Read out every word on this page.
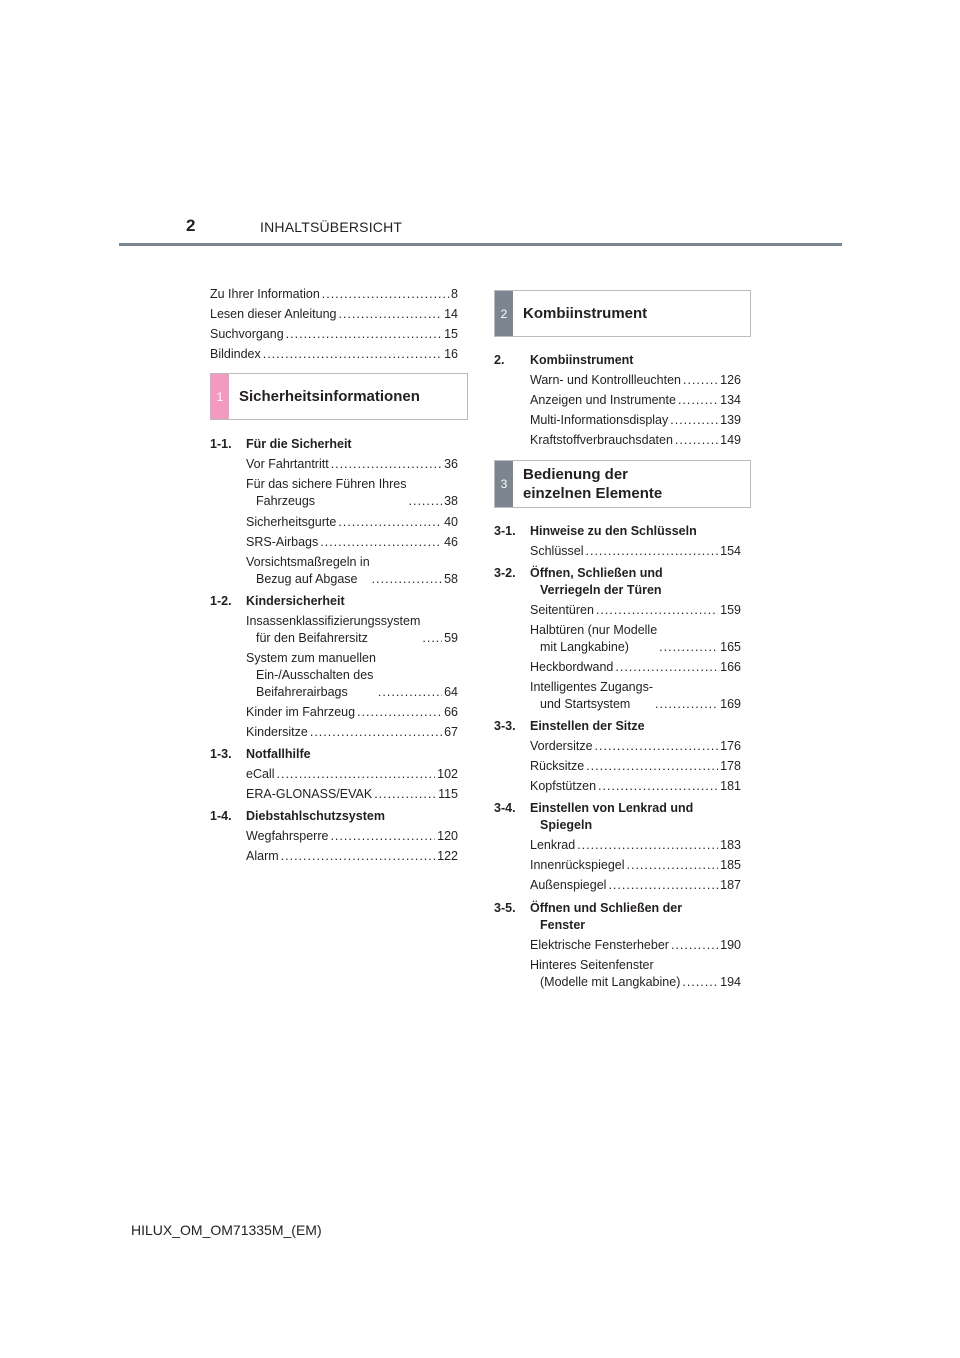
2	INHALTSÜBERSICHT
Zu Ihrer Information .....	8
Lesen dieser Anleitung .....	14
Suchvorgang .....	15
Bildindex .....	16
1	Sicherheitsinformationen
1-1. Für die Sicherheit
Vor Fahrtantritt .....	36
Für das sichere Führen Ihres
Fahrzeugs .....	38
Sicherheitsgurte .....	40
SRS-Airbags .....	46
Vorsichtsmaßregeln in
Bezug auf Abgase .....	58
1-2. Kindersicherheit
Insassenklassifizierungssystem
für den Beifahrersitz .....	59
System zum manuellen
Ein-/Ausschalten des
Beifahrerairbags .....	64
Kinder im Fahrzeug .....	66
Kindersitze .....	67
1-3. Notfallhilfe
eCall .....	102
ERA-GLONASS/EVAK .....	115
1-4. Diebstahlschutzsystem
Wegfahrsperre .....	120
Alarm .....	122
2	Kombiinstrument
2. Kombiinstrument
Warn- und Kontrollleuchten .....	126
Anzeigen und Instrumente .....	134
Multi-Informationsdisplay .....	139
Kraftstoffverbrauchsdaten .....	149
3
Bedienung der
einzelnen Elemente
3-1. Hinweise zu den Schlüsseln
Schlüssel .....	154
3-2. Öffnen, Schließen und
Verriegeln der Türen
Seitentüren .....	159
Halbtüren (nur Modelle
mit Langkabine) .....	165
Heckbordwand .....	166
Intelligentes Zugangs-
und Startsystem .....	169
3-3. Einstellen der Sitze
Vordersitze .....	176
Rücksitze .....	178
Kopfstützen .....	181
3-4. Einstellen von Lenkrad und
Spiegeln
Lenkrad .....	183
Innenrückspiegel .....	185
Außenspiegel .....	187
3-5. Öffnen und Schließen der
Fenster
Elektrische Fensterheber .....	190
Hinteres Seitenfenster
(Modelle mit Langkabine) .....	194
HILUX_OM_OM71335M_(EM)
